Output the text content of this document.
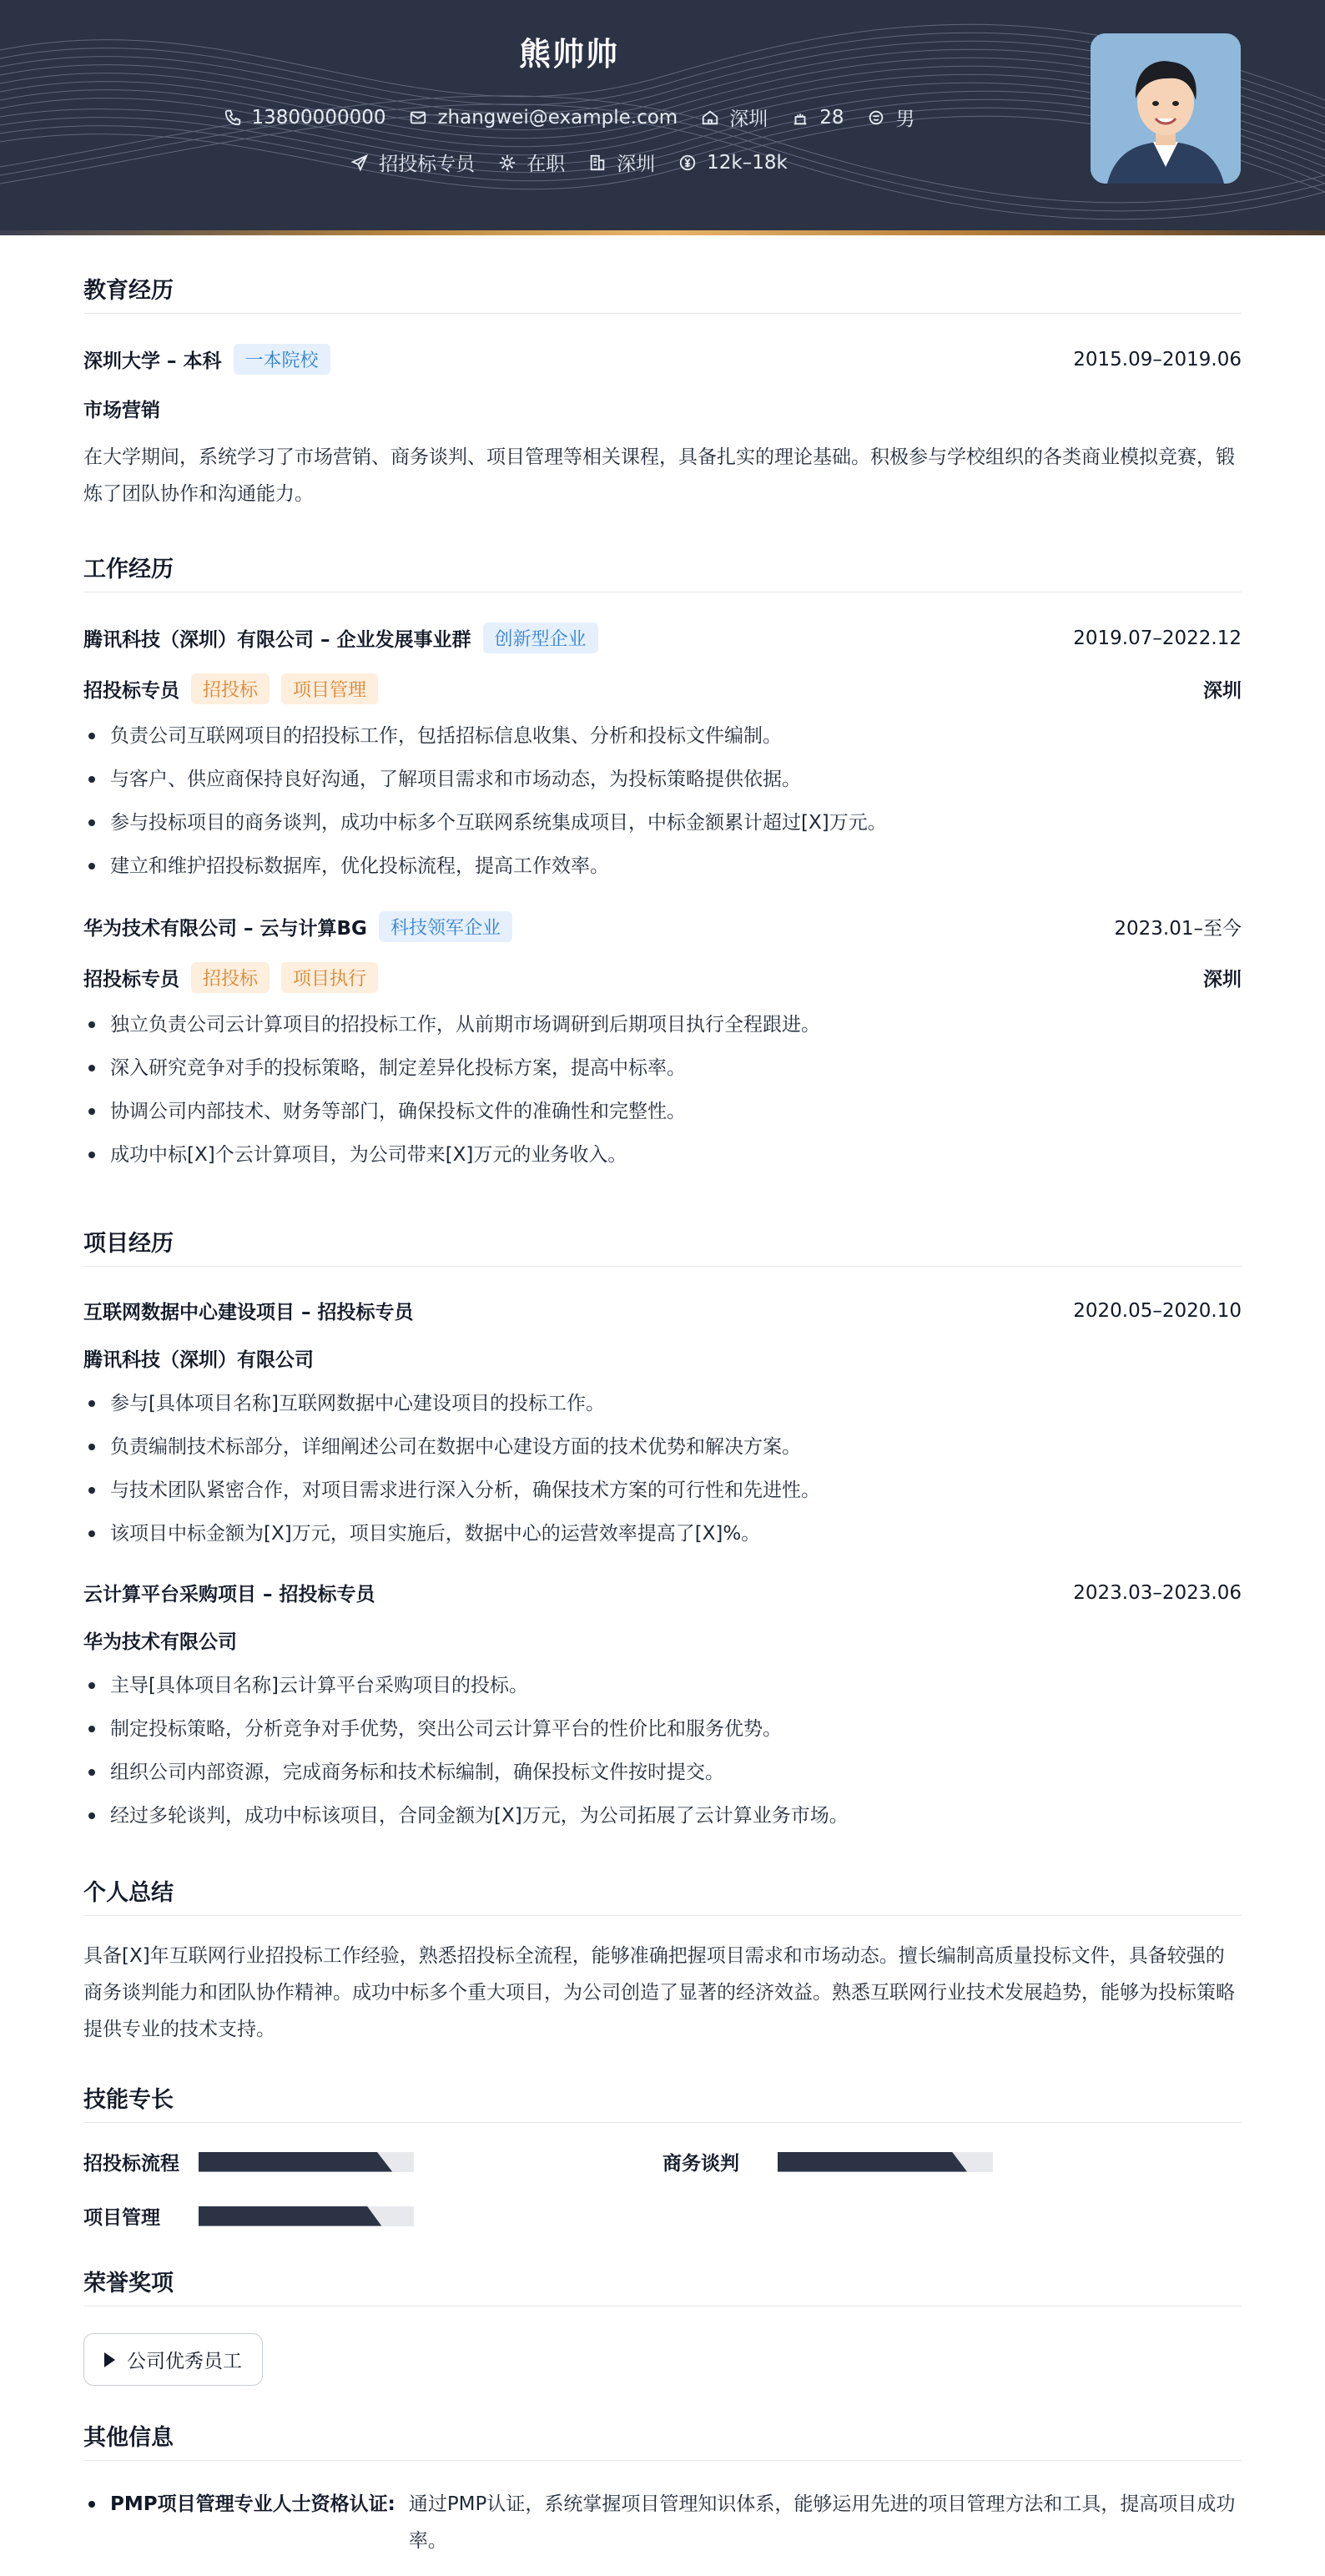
熊帅帅
13800000000	zhangwei@example.com	深圳	28	男
招投标专员	在职	深圳	12k–18k
教育经历
深圳大学 – 本科	一本院校	2015.09–2019.06
市场营销
在大学期间，系统学习了市场营销、商务谈判、项目管理等相关课程，具备扎实的理论基础。积极参与学校组织的各类商业模拟竞赛，锻炼了团队协作和沟通能力。
工作经历
腾讯科技（深圳）有限公司 – 企业发展事业群	创新型企业	2019.07–2022.12
招投标专员	招投标	项目管理	深圳
负责公司互联网项目的招投标工作，包括招标信息收集、分析和投标文件编制。
与客户、供应商保持良好沟通，了解项目需求和市场动态，为投标策略提供依据。
参与投标项目的商务谈判，成功中标多个互联网系统集成项目，中标金额累计超过[X]万元。
建立和维护招投标数据库，优化投标流程，提高工作效率。
华为技术有限公司 – 云与计算BG	科技领军企业	2023.01–至今
招投标专员	招投标	项目执行	深圳
独立负责公司云计算项目的招投标工作，从前期市场调研到后期项目执行全程跟进。
深入研究竞争对手的投标策略，制定差异化投标方案，提高中标率。
协调公司内部技术、财务等部门，确保投标文件的准确性和完整性。
成功中标[X]个云计算项目，为公司带来[X]万元的业务收入。
项目经历
互联网数据中心建设项目 – 招投标专员	2020.05–2020.10
腾讯科技（深圳）有限公司
参与[具体项目名称]互联网数据中心建设项目的投标工作。
负责编制技术标部分，详细阐述公司在数据中心建设方面的技术优势和解决方案。
与技术团队紧密合作，对项目需求进行深入分析，确保技术方案的可行性和先进性。
该项目中标金额为[X]万元，项目实施后，数据中心的运营效率提高了[X]%。
云计算平台采购项目 – 招投标专员	2023.03–2023.06
华为技术有限公司
主导[具体项目名称]云计算平台采购项目的投标。
制定投标策略，分析竞争对手优势，突出公司云计算平台的性价比和服务优势。
组织公司内部资源，完成商务标和技术标编制，确保投标文件按时提交。
经过多轮谈判，成功中标该项目，合同金额为[X]万元，为公司拓展了云计算业务市场。
个人总结
具备[X]年互联网行业招投标工作经验，熟悉招投标全流程，能够准确把握项目需求和市场动态。擅长编制高质量投标文件，具备较强的商务谈判能力和团队协作精神。成功中标多个重大项目，为公司创造了显著的经济效益。熟悉互联网行业技术发展趋势，能够为投标策略提供专业的技术支持。
技能专长
招投标流程	商务谈判
项目管理
荣誉奖项
公司优秀员工
其他信息
PMP项目管理专业人士资格认证: 通过PMP认证，系统掌握项目管理知识体系，能够运用先进的项目管理方法和工具，提高项目成功率。
